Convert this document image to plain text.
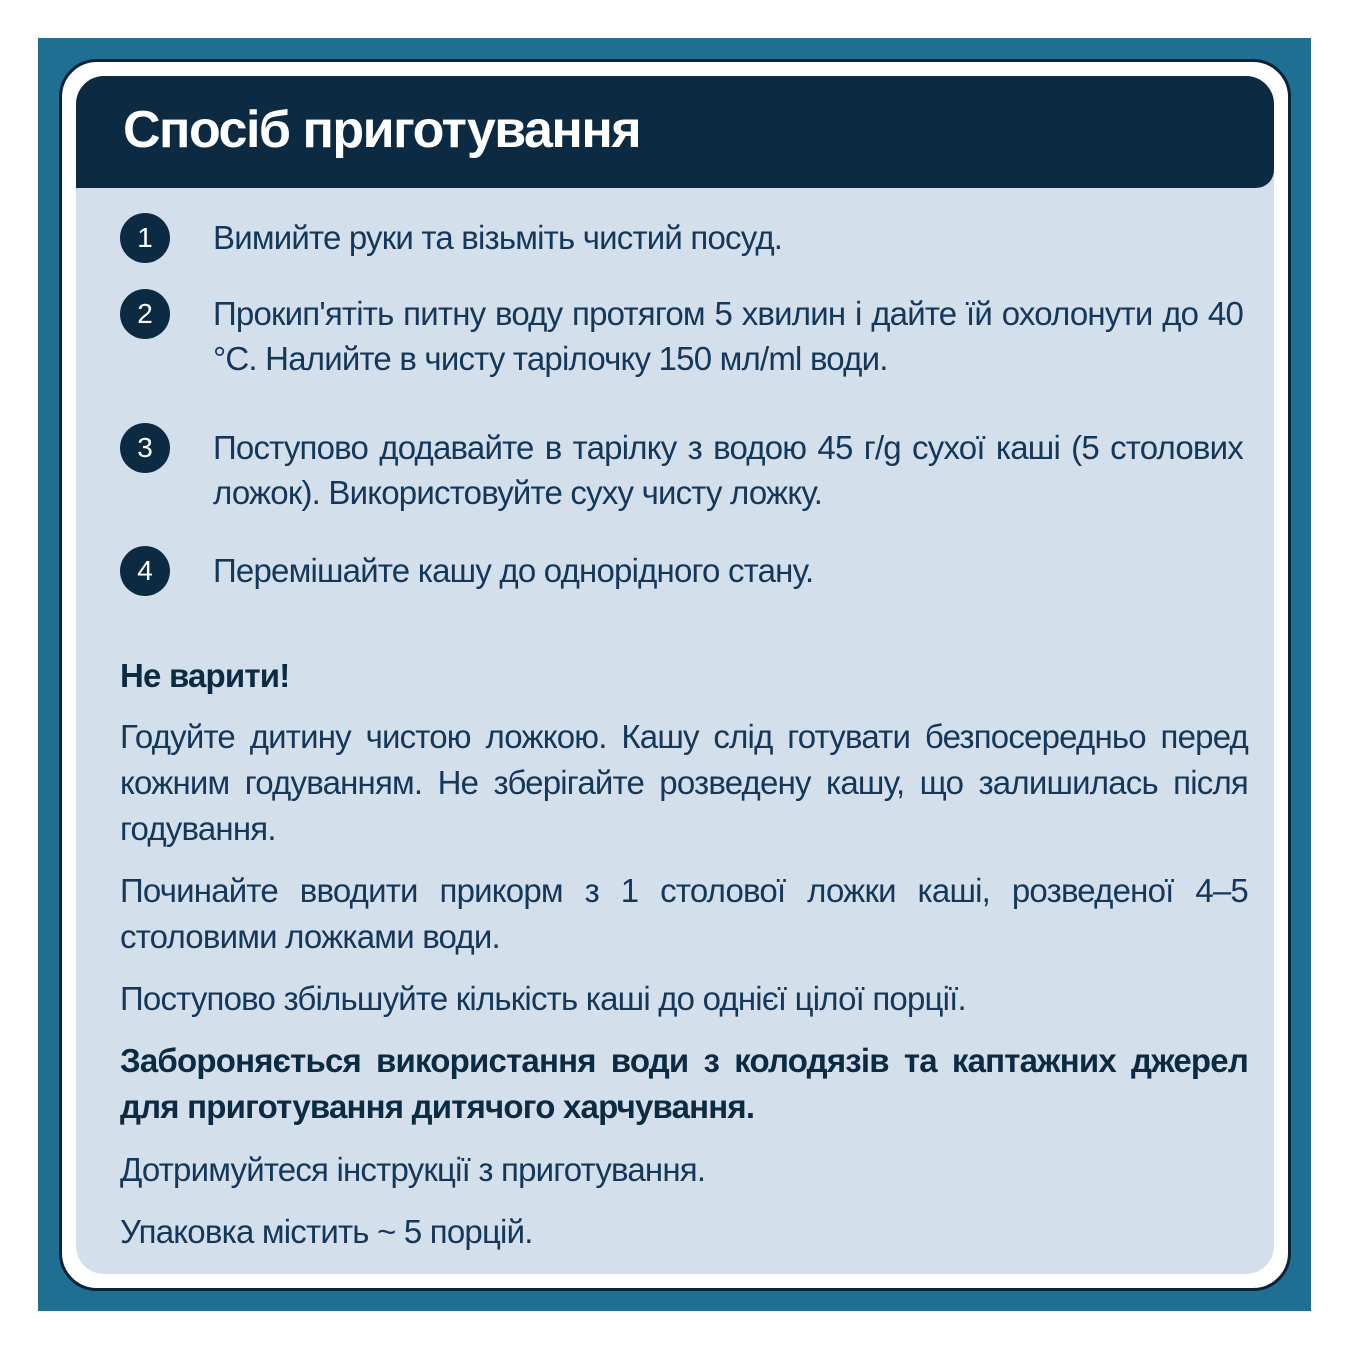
Спосіб приготування
1	Вимийте руки та візьміть чистий посуд.
2	Прокип'ятіть питну воду протягом 5 хвилин і дайте їй охолонути до 40 °C. Налийте в чисту тарілочку 150 мл/ml води.
3	Поступово додавайте в тарілку з водою 45 г/g сухої каші (5 столових ложок). Використовуйте суху чисту ложку.
4	Перемішайте кашу до однорідного стану.

Не варити!

Годуйте дитину чистою ложкою. Кашу слід готувати безпосередньо перед кожним годуванням. Не зберігайте розведену кашу, що залишилась після годування.

Починайте вводити прикорм з 1 столової ложки каші, розведеної 4–5 столовими ложками води.

Поступово збільшуйте кількість каші до однієї цілої порції.

Забороняється використання води з колодязів та каптажних джерел для приготування дитячого харчування.

Дотримуйтеся інструкції з приготування.

Упаковка містить ~ 5 порцій.
